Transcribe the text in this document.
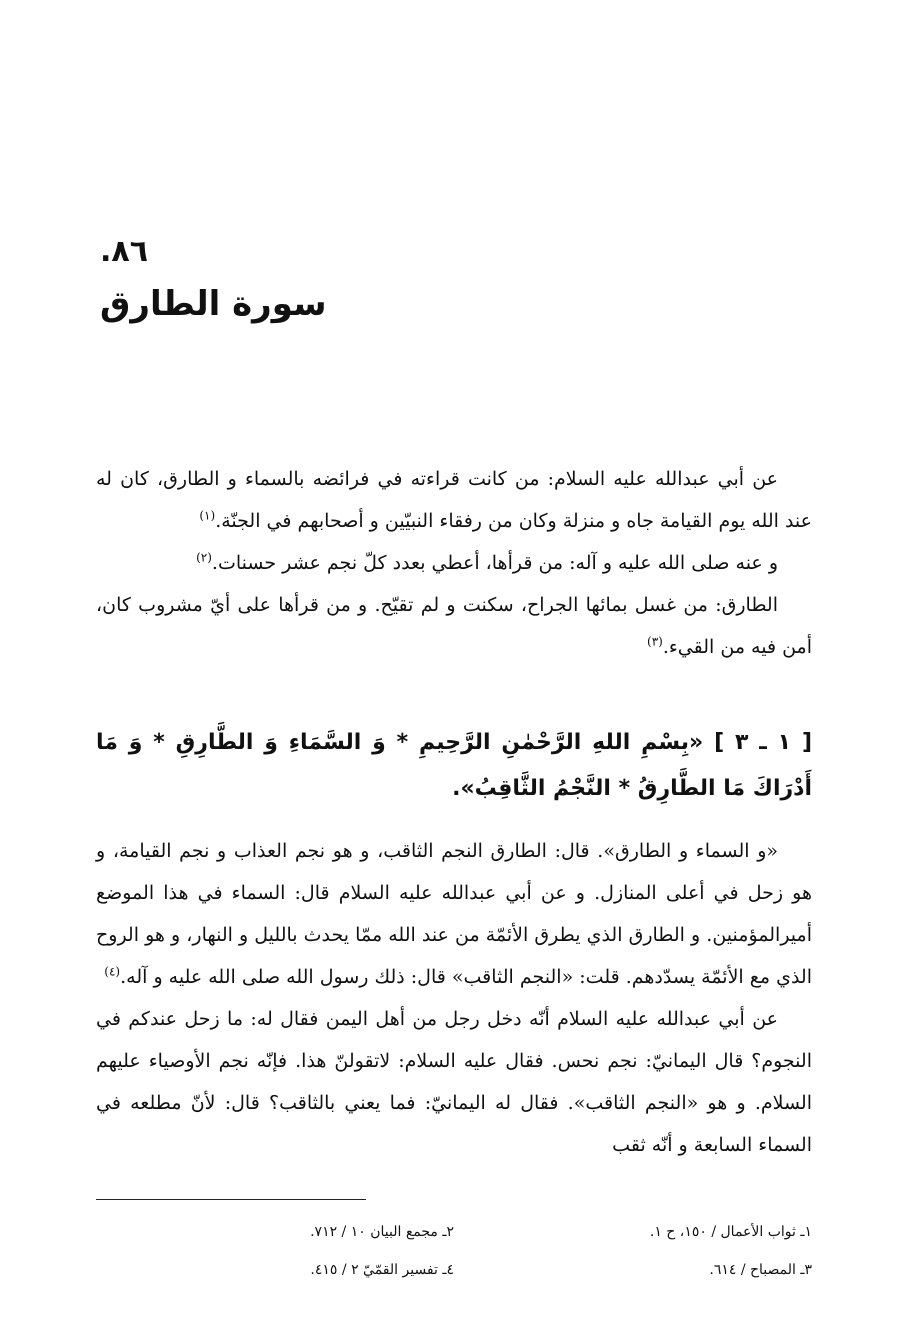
٨٦.
سورة الطارق

عن أبي عبدالله عليه السلام: من كانت قراءته في فرائضه بالسماء و الطارق، كان له عند الله يوم القيامة جاه و منزلة وكان من رفقاء النبيّين و أصحابهم في الجنّة.$^{(١)}$

و عنه صلى الله عليه و آله: من قرأها، أعطي بعدد كلّ نجم عشر حسنات.$^{(٢)}$

الطارق: من غسل بمائها الجراح، سكنت و لم تقيّح. و من قرأها على أيّ مشروب كان، أمن فيه من القيء.$^{(٣)}$

[ ١ ـ ٣ ] «بِسْمِ اللهِ الرَّحْمٰنِ الرَّحِيمِ * وَ السَّمَاءِ وَ الطَّارِقِ * وَ مَا أَدْرَاكَ مَا الطَّارِقُ * النَّجْمُ الثَّاقِبُ».

«و السماء و الطارق». قال: الطارق النجم الثاقب، و هو نجم العذاب و نجم القيامة، و هو زحل في أعلى المنازل. و عن أبي عبدالله عليه السلام قال: السماء في هذا الموضع أميرالمؤمنين. و الطارق الذي يطرق الأئمّة من عند الله ممّا يحدث بالليل و النهار، و هو الروح الذي مع الأئمّة يسدّدهم. قلت: «النجم الثاقب» قال: ذلك رسول الله صلى الله عليه و آله.$^{(٤)}$

عن أبي عبدالله عليه السلام أنّه دخل رجل من أهل اليمن فقال له: ما زحل عندكم في النجوم؟ قال اليمانيّ: نجم نحس. فقال عليه السلام: لاتقولنّ هذا. فإنّه نجم الأوصياء عليهم السلام. و هو «النجم الثاقب». فقال له اليمانيّ: فما يعني بالثاقب؟ قال: لأنّ مطلعه في السماء السابعة و أنّه ثقب

١ـ ثواب الأعمال / ١٥٠، ح ١.
٢ـ مجمع البيان ١٠ / ٧١٢.
٣ـ المصباح / ٦١٤.
٤ـ تفسير القمّيّ ٢ / ٤١٥.
